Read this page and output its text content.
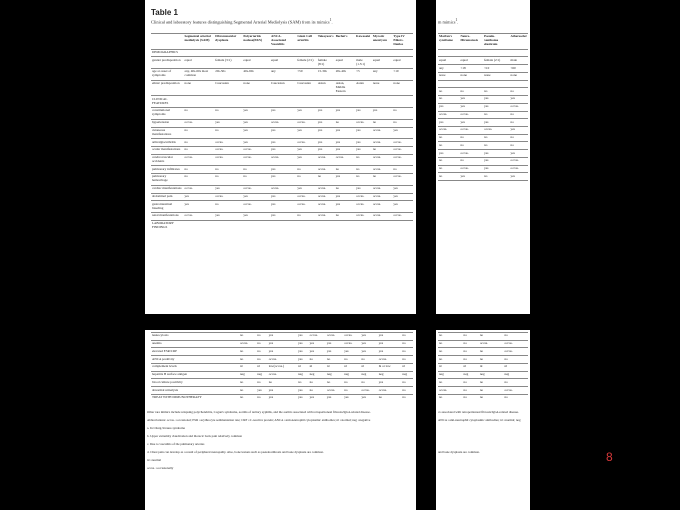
Table 1
Clinical and laboratory features distinguishing Segmental Arterial Mediolysis (SAM) from its mimics$^1$.
	Segmental arterial mediolysis (SAM)	Fibromuscular dysplasia	Polyarteritis nodosa(PAN)	ANCA-Associated Vasculitis	Giant Cell arteritis	Takayasu's	Bechet's	Kawasaki	Mycotic aneurysm	Type IV Ehlers-Danlos
DEMOGRAPHICS										
gender predisposition	equal	female (3:1)	equal	equal	female (2:1)	female (8:1)	equal	male (1.5:1)	equal	equal
age at onset of symptoms	any, 40s-60s most common	20s-50s	40s-60s	any	<50	15-30s	20s-40s	<5	any	<10
ethnic predisposition	none	Caucasian	none	Caucasian	Caucasian	Asian	Asian, Middle Eastern	Asian	none	none
CLINICAL FEATURES										
constitutional symptoms	no	no	yes	yes	yes	yes	yes	yes	yes	no
hypertension	occas.	yes	yes	occas.	occas.	yes	no	occas.	no	no
cutaneous manifestations	no	no	yes	yes	yes	yes	yes	yes	occas.	yes
arthralgia/arthritis	no	occas.	yes	yes	occas.	yes	yes	yes	occas.	occas.
ocular manifestations	no	occas.	occas.	yes	yes	yes	yes	yes	no	occas.
cerebrovascular accidents	occas.	occas.	occas.	occas.	yes	occas.	occas.	no	occas.	occas.
pulmonary infiltrates	no	no	no	yes	no	occas.	no	no	occas.	no
pulmonary hemorrhage	no	no	no	yes	no	no	yes	no	no	occas.
cardiac manifestations	occas.	yes	occas.	occas.	yes	occas.	no	yes	occas.	yes
abdominal pain	yes	occas.	yes	yes	occas.	occas.	yes	occas.	occas.	yes
gastrointestinal bleeding	yes	no	occas.	yes	occas.	occas.	yes	occas.	occas.	yes
renal manifestations	occas.	yes	yes	yes	no	occas.	no	occas.	occas.	occas.
LABORATORY FINDINGS										
m mimics$^1$.
Marfan's syndrome	Neuro-fibromatosis	Pseudo-xanthoma elasticum	Atheroscler

equal	equal	female (2:1)	male
any	<18	<10	<60
none	none	none	none

no	no	no	no
no	yes	yes	yes
yes	yes	yes	occas.
occas.	occas.	no	no
yes	yes	yes	no
occas.	occas.	occas.	yes
no	no	no	no
no	no	no	no
yes	occas.	yes	yes
no	no	yes	occas.
no	occas.	yes	occas.
no	yes	no	yes

leukocytosis	no	no	yes	yes	occas.	occas.	occas.	yes	yes	no
anemia	occas.	no	yes	yes	yes	yes	occas.	yes	yes	no
elevated ESR/CRP	no	no	yes	yes	yes	yes	yes	yes	yes	no
ANCA positivity	no	no	occas.	yes	no	no	no	no	occas.	no
complement levels	nl	nl	low(occas.)	nl	nl	nl	nl	nl	hi or low	nl
hepatitis B surface antigen	neg	neg	occas.	neg	neg	neg	neg	neg	neg	neg
blood culture positivity	no	no	no	no	no	no	no	no	yes	no
abnormal urinalysis	no	yes	yes	yes	no	occas.	no	occas.	occas.	no
TREAT WITH IMMUNOTHERAPY	no	no	yes	yes	yes	yes	yes	yes	no	no
Other rare mimics include relapsing polychondritis, Cogan's syndrome, aortitis of tertiary syphilis, and the aortitis associated with retroperitoneal fibrosis/IgG4-related disease.
Abbreviations: occas. =occasional; ESR =erythrocyte sedimentation rate; CRP =C-reactive protein; ANCA =anti-neutrophil cytoplasmic antibodies; nl =normal; neg =negative
a. In Churg-Strauss syndrome
b. Upper extremity claudication and thoracic back pain relatively common
c. Due to vasculitis of the pulmonary arteries
d. Chest pain can develop as a result of peripheral neuropathy. Also, bone lesions such as pseudoarthrosis and bone dysplasia are common.
nl =normal
occas. =occasionally
no	no	no	no
no	no	occas.	occas.
no	no	no	occas.
no	no	no	no
nl	nl	nl	nl
neg	neg	neg	neg
no	no	no	no
occas.	no	no	occas.
no	no	no	no
cs associated with retroperitoneal fibrosis/IgG4-related disease.
ANCA =anti-neutrophil cytoplasmic antibodies; nl =normal; neg
and bone dysplasia are common.	8
